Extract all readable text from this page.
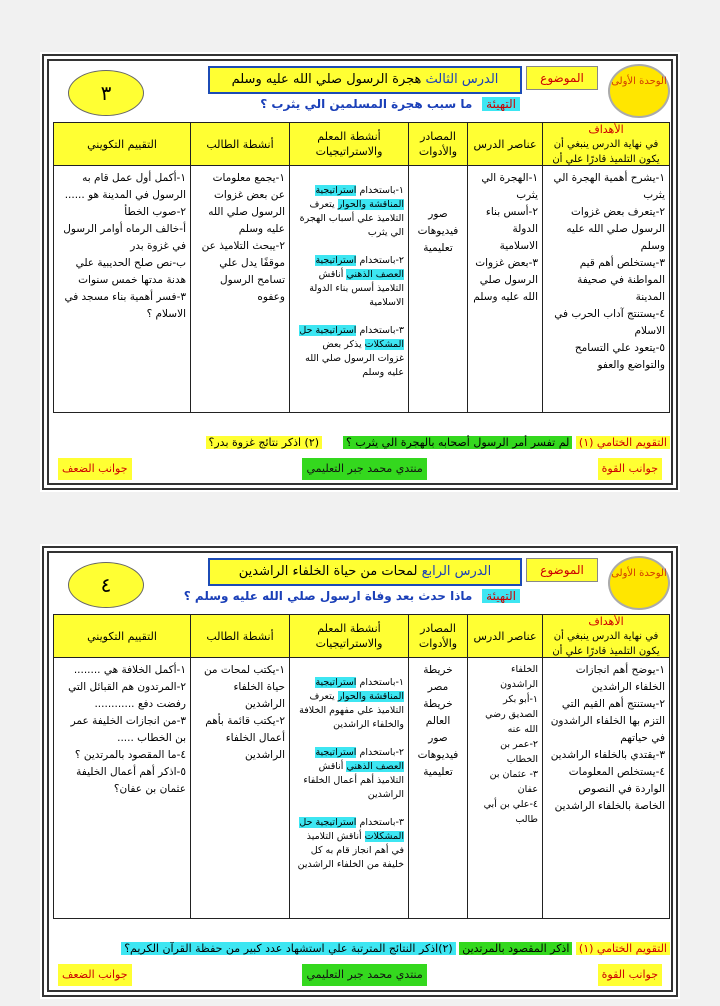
الوحدة الأولى
الموضوع
الدرس الثالث هجرة الرسول صلي الله عليه وسلم
٣	التهيئة ما سبب هجرة المسلمين الي يثرب ؟
الأهداف
في نهاية الدرس ينبغي أن يكون التلميذ قادرًا علي أن
١-يشرح أهمية الهجرة الي يثرب
٢-يتعرف بعض غزوات الرسول صلي الله عليه وسلم
٣-يستخلص أهم قيم المواطنة في صحيفة المدينة
٤-يستنتج آداب الحرب في الاسلام
٥-يتعود علي التسامح والتواضع والعفو
عناصر الدرس
١-الهجرة الي يثرب
٢-أسس بناء الدولة الاسلامية
٣-بعض غزوات الرسول صلي الله عليه وسلم
المصادر والأدوات
صور
فيديوهات تعليمية
أنشطة المعلم والاستراتيجيات

١-باستخدام استراتيجية المناقشة والحوار يتعرف التلاميذ علي أسباب الهجرة الي يثرب

٢-باستخدام استراتيجية العصف الذهني أناقش التلاميذ أسس بناء الدولة الاسلامية

٣-باستخدام استراتيجية حل المشكلات يذكر بعض غزوات الرسول صلي الله عليه وسلم

أنشطة الطالب
١-يجمع معلومات عن بعض غزوات الرسول صلي الله عليه وسلم
٢-يبحث التلاميذ عن موقفًا يدل علي تسامح الرسول وعفوه
التقييم التكويني
١-أكمل أول عمل قام به الرسول في المدينة هو ......
٢-صوب الخطأ
أ-خالف الرماه أوامر الرسول في غزوة بدر
ب-نص صلح الحديبية علي هدنة مدتها خمس سنوات
٣-فسر أهمية بناء مسجد في الاسلام ؟
التقويم الختامي (١) لم تفسر أمر الرسول أصحابه بالهجرة الي يثرب ؟      (٢) اذكر نتائج غزوة بدر؟
جوانب القوة
منتدي محمد جبر التعليمي
جوانب الضعف
الوحدة الأولى
الموضوع
الدرس الرابع لمحات من حياة الخلفاء الراشدين
٤	التهيئة ماذا حدث بعد وفاة ارسول صلي الله عليه وسلم ؟
الأهداف
في نهاية الدرس ينبغي أن يكون التلميذ قادرًا علي أن
١-يوضح أهم انجازات الخلفاء الراشدين
٢-يستنتج أهم القيم التي التزم بها الخلفاء الراشدون في حياتهم
٣-يقتدي بالخلفاء الراشدين
٤-يستخلص المعلومات الواردة في النصوص الخاصة بالخلفاء الراشدين
عناصر الدرس
الخلفاء الراشدون
١-أبو بكر الصديق رضي الله عنه
٢-عمر بن الخطاب
٣- عثمان بن عفان
٤-علي بن أبي طالب
المصادر والأدوات
خريطة مصر
خريطة العالم
صور فيديوهات تعليمية
أنشطة المعلم والاستراتيجيات

١-باستخدام استراتيجية المناقشة والحوار يتعرف التلاميذ علي مفهوم الخلافة والخلفاء الراشدين

٢-باستخدام استراتيجية العصف الذهني أناقش التلاميذ أهم أعمال الخلفاء الراشدين

٣-باستخدام استراتيجية حل المشكلات أناقش التلاميذ في أهم انجاز قام به كل خليفة من الخلفاء الراشدين

أنشطة الطالب
١-يكتب لمحات من حياة الخلفاء الراشدين
٢-يكتب قائمة بأهم أعمال الخلفاء الراشدين
التقييم التكويني
١-أكمل الخلافة هي ........
٢-المرتدون هم القبائل التي رفضت دفع ............
٣-من انجازات الخليفة عمر بن الخطاب .....
٤-ما المقصود بالمرتدين ؟
٥-اذكر أهم أعمال الخليفة عثمان بن عفان؟
التقويم الختامي (١) اذكر المقصود بالمرتدين (٢)اذكر النتائج المترتبة علي استشهاد عدد كبير من حفظة القرآن الكريم؟
جوانب القوة
منتدي محمد جبر التعليمي
جوانب الضعف
